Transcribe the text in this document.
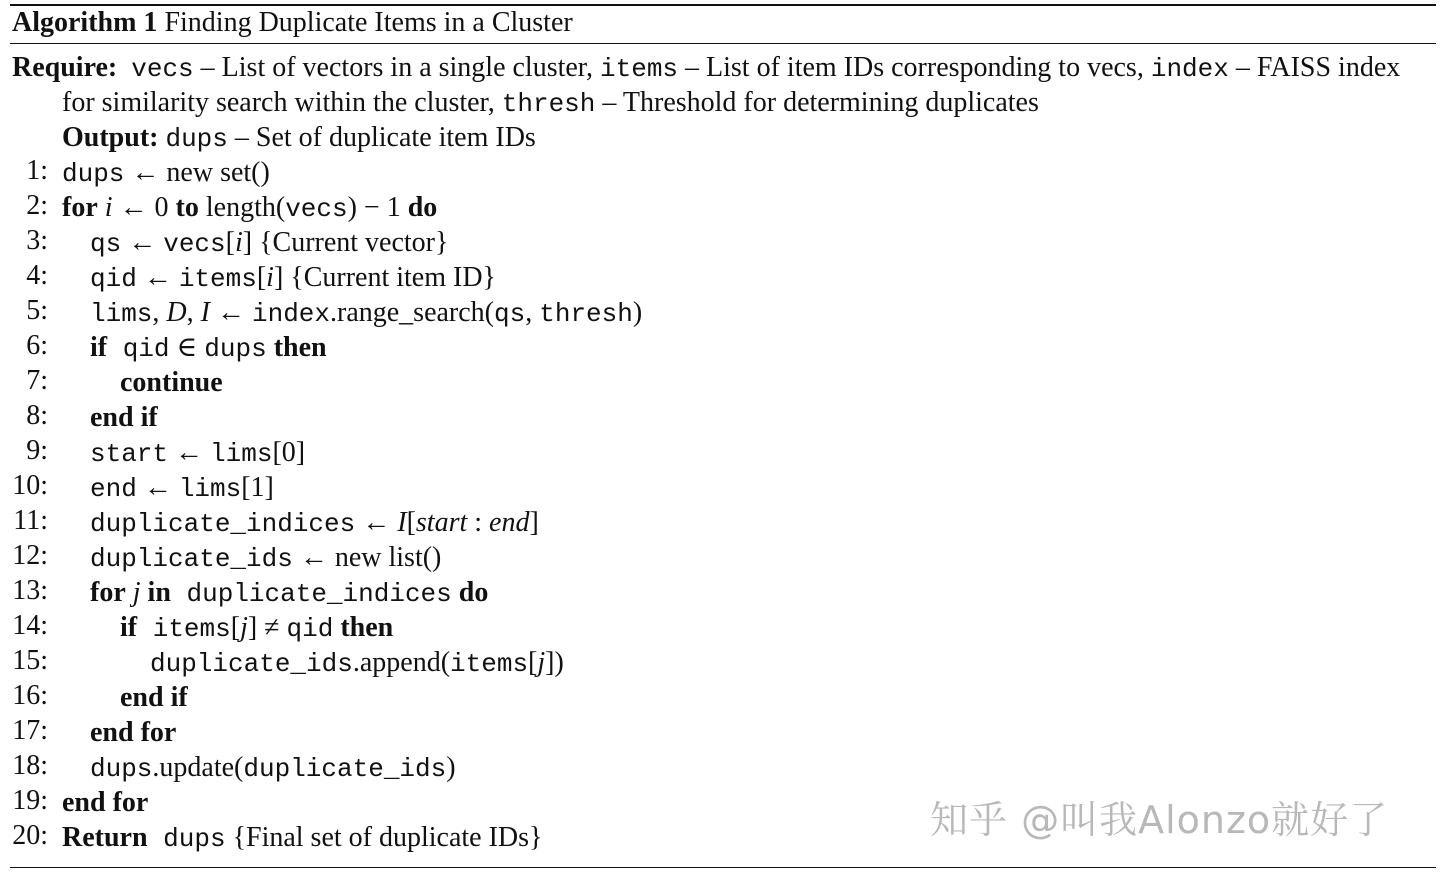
Algorithm 1 Finding Duplicate Items in a Cluster
Require: vecs – List of vectors in a single cluster, items – List of item IDs corresponding to vecs, index – FAISS index
for similarity search within the cluster, thresh – Threshold for determining duplicates
Output: dups – Set of duplicate item IDs
1:
2:
3:
4:
5:
6:
7:
8:
9:
10:
11:
12:
13:
14:
15:
16:
17:
18:
19:
20:
dups ← new set()
for i ← 0 to length(vecs) − 1 do
qs ← vecs[i] {Current vector}
qid ← items[i] {Current item ID}
lims, D, I ← index.range_search(qs, thresh)
if qid ∈ dups then
continue
end if
start ← lims[0]
end ← lims[1]
duplicate_indices ← I[start : end]
duplicate_ids ← new list()
for j in duplicate_indices do
if items[j] ≠ qid then
duplicate_ids.append(items[j])
end if
end for
dups.update(duplicate_ids)
end for
Return dups {Final set of duplicate IDs}	知乎 @叫我Alonzo就好了
